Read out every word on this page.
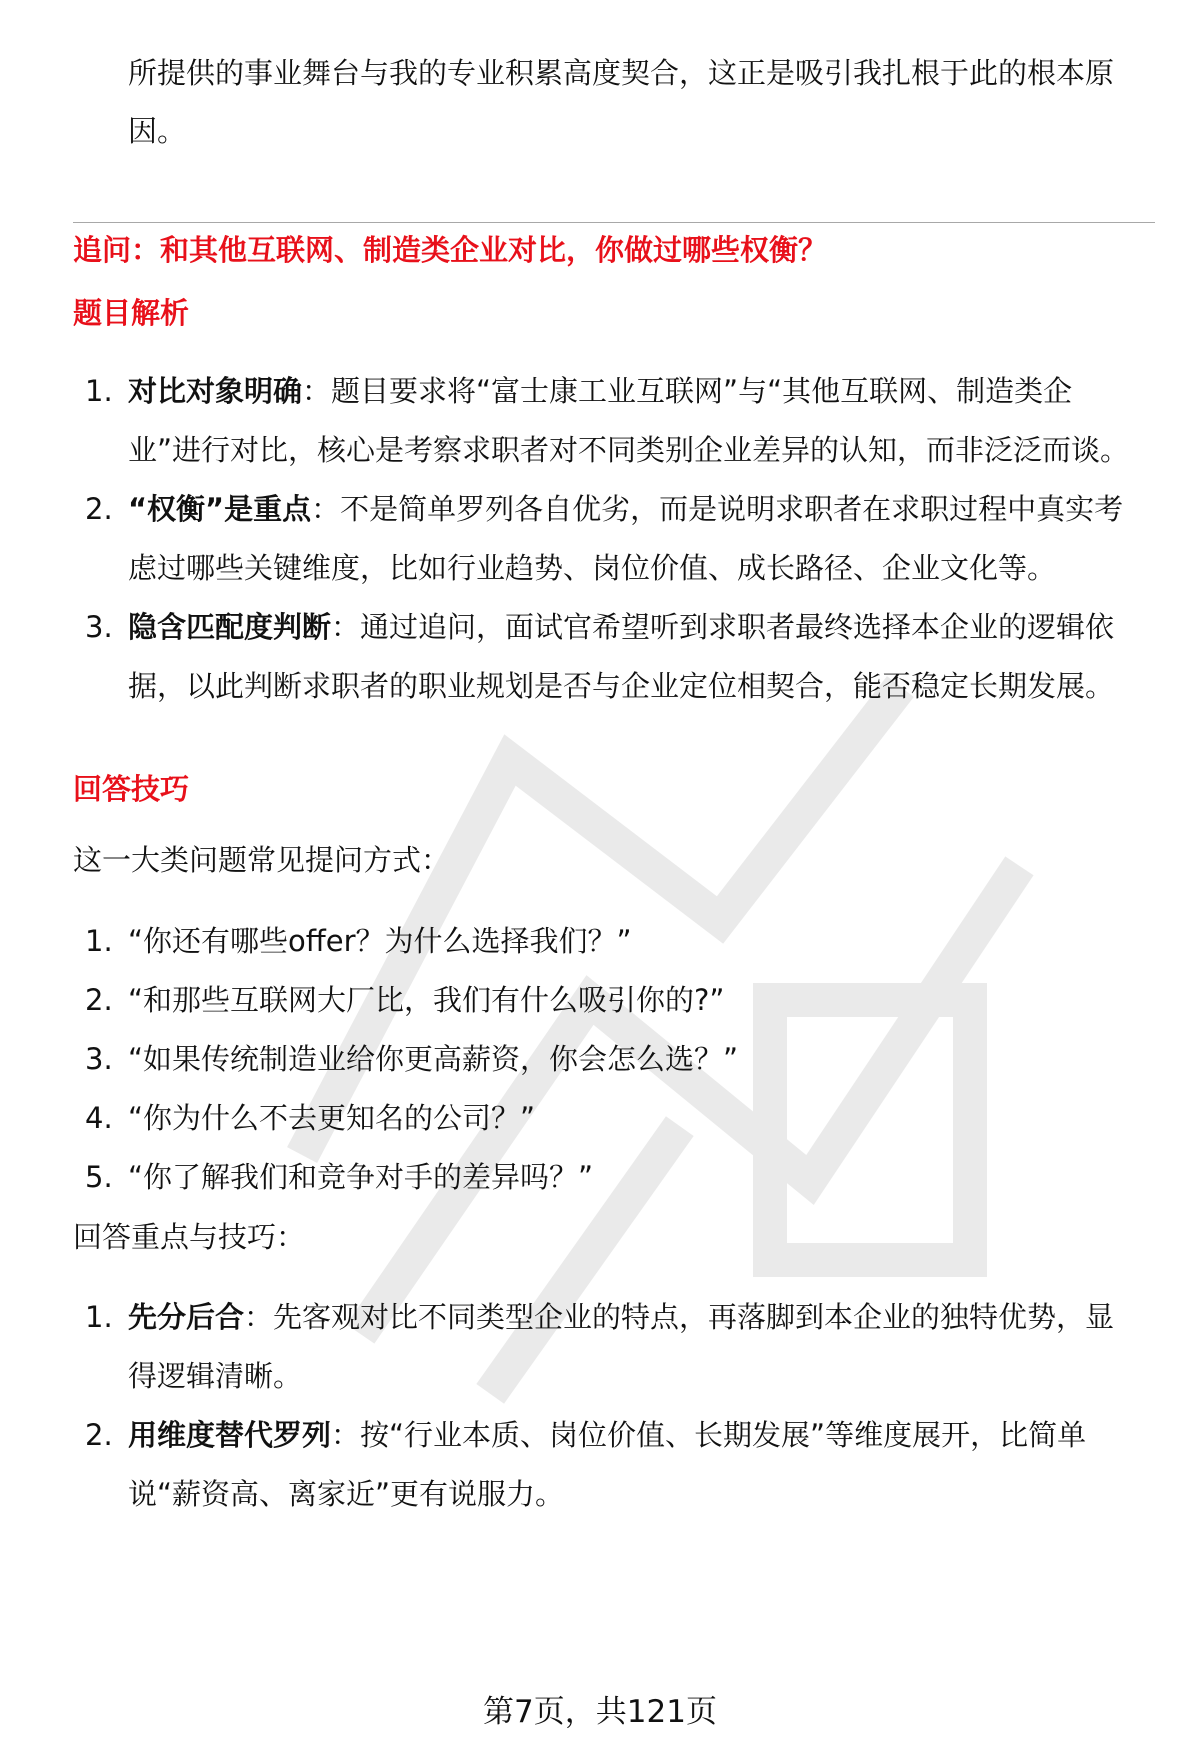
所提供的事业舞台与我的专业积累高度契合，这正是吸引我扎根于此的根本原因。
追问：和其他互联网、制造类企业对比，你做过哪些权衡？
题目解析
1. 对比对象明确：题目要求将“富士康工业互联网”与“其他互联网、制造类企业”进行对比，核心是考察求职者对不同类别企业差异的认知，而非泛泛而谈。
2. “权衡”是重点：不是简单罗列各自优劣，而是说明求职者在求职过程中真实考虑过哪些关键维度，比如行业趋势、岗位价值、成长路径、企业文化等。
3. 隐含匹配度判断：通过追问，面试官希望听到求职者最终选择本企业的逻辑依据，以此判断求职者的职业规划是否与企业定位相契合，能否稳定长期发展。
回答技巧
这一大类问题常见提问方式：
1. “你还有哪些offer？为什么选择我们？”
2. “和那些互联网大厂比，我们有什么吸引你的?”
3. “如果传统制造业给你更高薪资，你会怎么选？”
4. “你为什么不去更知名的公司？”
5. “你了解我们和竞争对手的差异吗？”
回答重点与技巧：
1. 先分后合：先客观对比不同类型企业的特点，再落脚到本企业的独特优势，显得逻辑清晰。
2. 用维度替代罗列：按“行业本质、岗位价值、长期发展”等维度展开，比简单说“薪资高、离家近”更有说服力。
第7页，共121页
